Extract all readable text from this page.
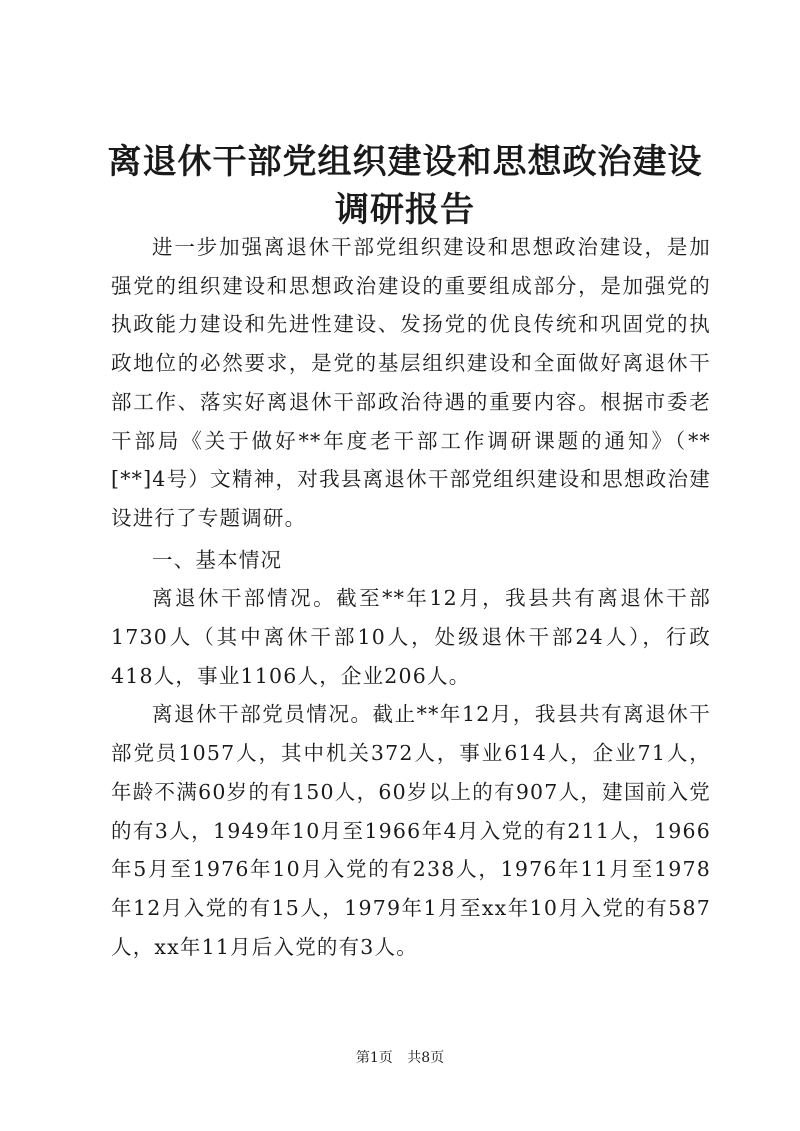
离退休干部党组织建设和思想政治建设调研报告

进一步加强离退休干部党组织建设和思想政治建设，是加强党的组织建设和思想政治建设的重要组成部分，是加强党的执政能力建设和先进性建设、发扬党的优良传统和巩固党的执政地位的必然要求，是党的基层组织建设和全面做好离退休干部工作、落实好离退休干部政治待遇的重要内容。根据市委老干部局《关于做好**年度老干部工作调研课题的通知》（**[**]4号）文精神，对我县离退休干部党组织建设和思想政治建设进行了专题调研。

一、基本情况

离退休干部情况。截至**年12月，我县共有离退休干部1730人（其中离休干部10人，处级退休干部24人），行政418人，事业1106人，企业206人。

离退休干部党员情况。截止**年12月，我县共有离退休干部党员1057人，其中机关372人，事业614人，企业71人，年龄不满60岁的有150人，60岁以上的有907人，建国前入党的有3人，1949年10月至1966年4月入党的有211人，1966年5月至1976年10月入党的有238人，1976年11月至1978年12月入党的有15人，1979年1月至xx年10月入党的有587人，xx年11月后入党的有3人。

第1页 共8页
